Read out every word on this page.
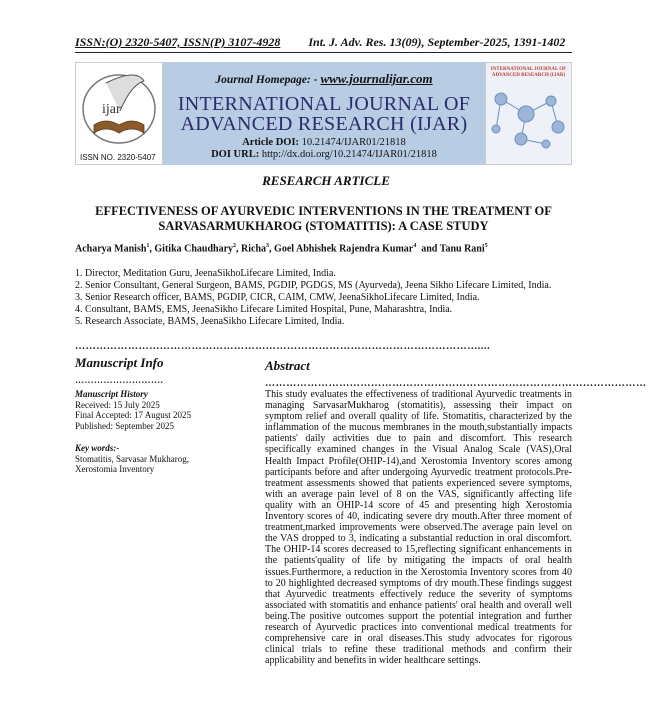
ISSN:(O) 2320-5407, ISSN(P) 3107-4928 Int. J. Adv. Res. 13(09), September-2025, 1391-1402
ijar
ISSN NO. 2320-5407
Journal Homepage: - www.journalijar.com
INTERNATIONAL JOURNAL OF
ADVANCED RESEARCH (IJAR)
Article DOI: 10.21474/IJAR01/21818
DOI URL: http://dx.doi.org/10.21474/IJAR01/21818
INTERNATIONAL JOURNAL OF ADVANCED RESEARCH (IJAR)
RESEARCH ARTICLE
EFFECTIVENESS OF AYURVEDIC INTERVENTIONS IN THE TREATMENT OF
SARVASARMUKHAROG (STOMATITIS): A CASE STUDY
Acharya Manish$^1$, Gitika Chaudhary$^2$, Richa$^3$, Goel Abhishek Rajendra Kumar$^4$  and Tanu Rani$^5$
1. Director, Meditation Guru, JeenaSikhoLifecare Limited, India.
2. Senior Consultant, General Surgeon, BAMS, PGDIP, PGDGS, MS (Ayurveda), Jeena Sikho Lifecare Limited, India.
3. Senior Research officer, BAMS, PGDIP, CICR, CAIM, CMW, JeenaSikhoLifecare Limited, India.
4. Consultant, BAMS, EMS, JeenaSikho Lifecare Limited Hospital, Pune, Maharashtra, India.
5. Research Associate, BAMS, JeenaSikho Lifecare Limited, India.
……………………………………………………………………………………………………....
Manuscript Info
……………………….
Manuscript History
Received: 15 July 2025
Final Accepted: 17 August 2025
Published: September 2025
Key words:-
Stomatitis, Sarvasar Mukharog,
Xerostomia Inventory
Abstract
………………………………………………………………………………………………
This study evaluates the effectiveness of traditional Ayurvedic treatments in managing SarvasarMukharog (stomatitis), assessing their impact on symptom relief and overall quality of life. Stomatitis, characterized by the inflammation of the mucous membranes in the mouth,substantially impacts patients' daily activities due to pain and discomfort. This research specifically examined changes in the Visual Analog Scale (VAS),Oral Health Impact Profile(OHIP-14),and Xerostomia Inventory scores among participants before and after undergoing Ayurvedic treatment protocols.Pre-treatment assessments showed that patients experienced severe symptoms, with an average pain level of 8 on the VAS, significantly affecting life quality with an OHIP-14 score of 45 and presenting high Xerostomia Inventory scores of 40, indicating severe dry mouth.After three moment of treatment,marked improvements were observed.The average pain level on the VAS dropped to 3, indicating a substantial reduction in oral discomfort. The OHIP-14 scores decreased to 15,reflecting significant enhancements in the patients'quality of life by mitigating the impacts of oral health issues.Furthermore, a reduction in the Xerostomia Inventory scores from 40 to 20 highlighted decreased symptoms of dry mouth.These findings suggest that Ayurvedic treatments effectively reduce the severity of symptoms associated with stomatitis and enhance patients' oral health and overall well being.The positive outcomes support the potential integration and further research of Ayurvedic practices into conventional medical treatments for comprehensive care in oral diseases.This study advocates for rigorous clinical trials to refine these traditional methods and confirm their applicability and benefits in wider healthcare settings.
